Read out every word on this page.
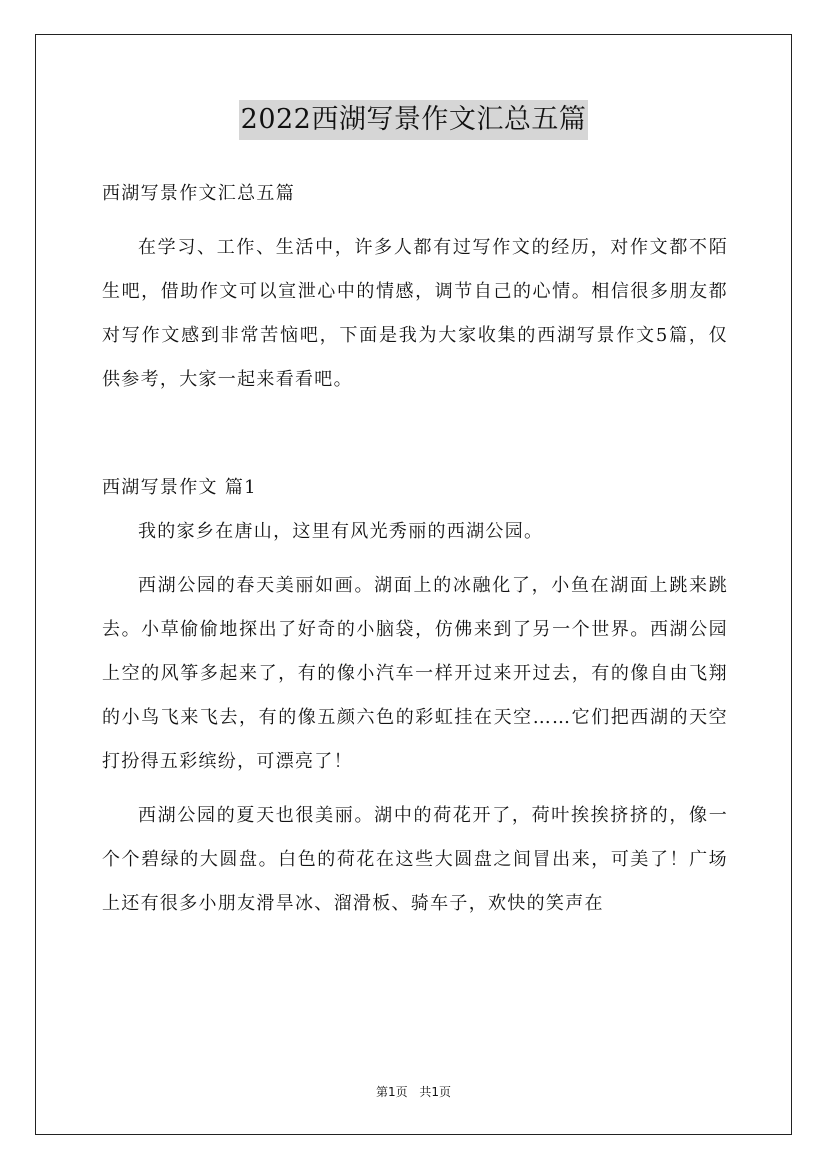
2022西湖写景作文汇总五篇

西湖写景作文汇总五篇

在学习、工作、生活中，许多人都有过写作文的经历，对作文都不陌生吧，借助作文可以宣泄心中的情感，调节自己的心情。相信很多朋友都对写作文感到非常苦恼吧，下面是我为大家收集的西湖写景作文5篇，仅供参考，大家一起来看看吧。

西湖写景作文 篇1

我的家乡在唐山，这里有风光秀丽的西湖公园。

西湖公园的春天美丽如画。湖面上的冰融化了，小鱼在湖面上跳来跳去。小草偷偷地探出了好奇的小脑袋，仿佛来到了另一个世界。西湖公园上空的风筝多起来了，有的像小汽车一样开过来开过去，有的像自由飞翔的小鸟飞来飞去，有的像五颜六色的彩虹挂在天空……它们把西湖的天空打扮得五彩缤纷，可漂亮了！

西湖公园的夏天也很美丽。湖中的荷花开了，荷叶挨挨挤挤的，像一个个碧绿的大圆盘。白色的荷花在这些大圆盘之间冒出来，可美了！广场上还有很多小朋友滑旱冰、溜滑板、骑车子，欢快的笑声在

第1页 共1页
